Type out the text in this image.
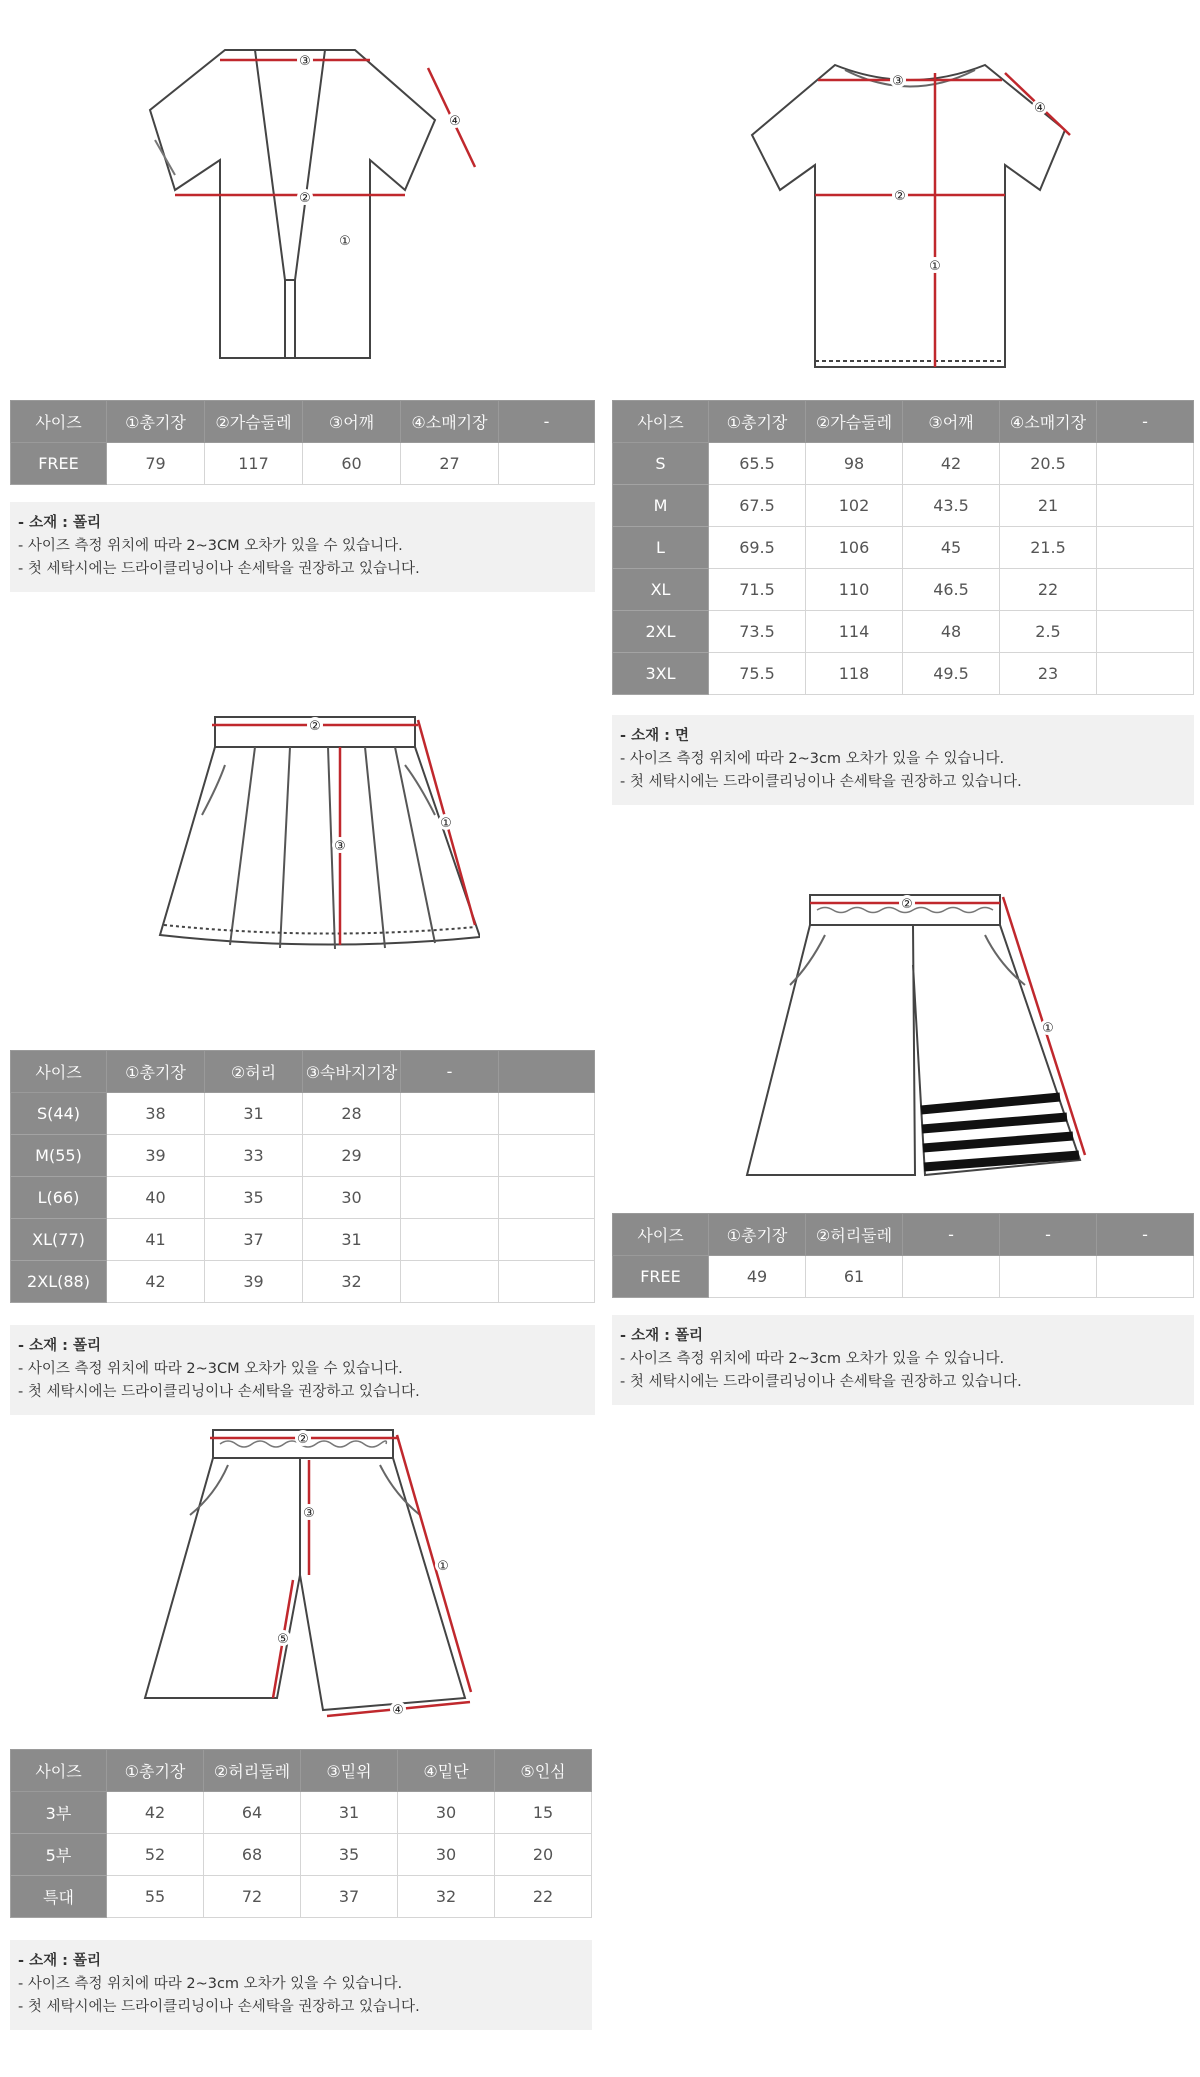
③
②
①
④
사이즈	①총기장	②가슴둘레	③어깨	④소매기장	-
FREE	79	117	60	27	
- 소재 : 폴리
- 사이즈 측정 위치에 따라 2~3CM 오차가 있을 수 있습니다.
- 첫 세탁시에는 드라이클리닝이나 손세탁을 권장하고 있습니다.
③
②
①
④
사이즈	①총기장	②가슴둘레	③어깨	④소매기장	-
S	65.5	98	42	20.5	
M	67.5	102	43.5	21	
L	69.5	106	45	21.5	
XL	71.5	110	46.5	22	
2XL	73.5	114	48	2.5	
3XL	75.5	118	49.5	23	
- 소재 : 면
- 사이즈 측정 위치에 따라 2~3cm 오차가 있을 수 있습니다.
- 첫 세탁시에는 드라이클리닝이나 손세탁을 권장하고 있습니다.
②
①
③
사이즈	①총기장	②허리	③속바지기장	-	
S(44)	38	31	28		
M(55)	39	33	29		
L(66)	40	35	30		
XL(77)	41	37	31		
2XL(88)	42	39	32		
- 소재 : 폴리
- 사이즈 측정 위치에 따라 2~3CM 오차가 있을 수 있습니다.
- 첫 세탁시에는 드라이클리닝이나 손세탁을 권장하고 있습니다.
②
①
사이즈	①총기장	②허리둘레	-	-	-
FREE	49	61			
- 소재 : 폴리
- 사이즈 측정 위치에 따라 2~3cm 오차가 있을 수 있습니다.
- 첫 세탁시에는 드라이클리닝이나 손세탁을 권장하고 있습니다.
②
①
③
④
⑤
사이즈	①총기장	②허리둘레	③밑위	④밑단	⑤인심
3부	42	64	31	30	15
5부	52	68	35	30	20
특대	55	72	37	32	22
- 소재 : 폴리
- 사이즈 측정 위치에 따라 2~3cm 오차가 있을 수 있습니다.
- 첫 세탁시에는 드라이클리닝이나 손세탁을 권장하고 있습니다.
